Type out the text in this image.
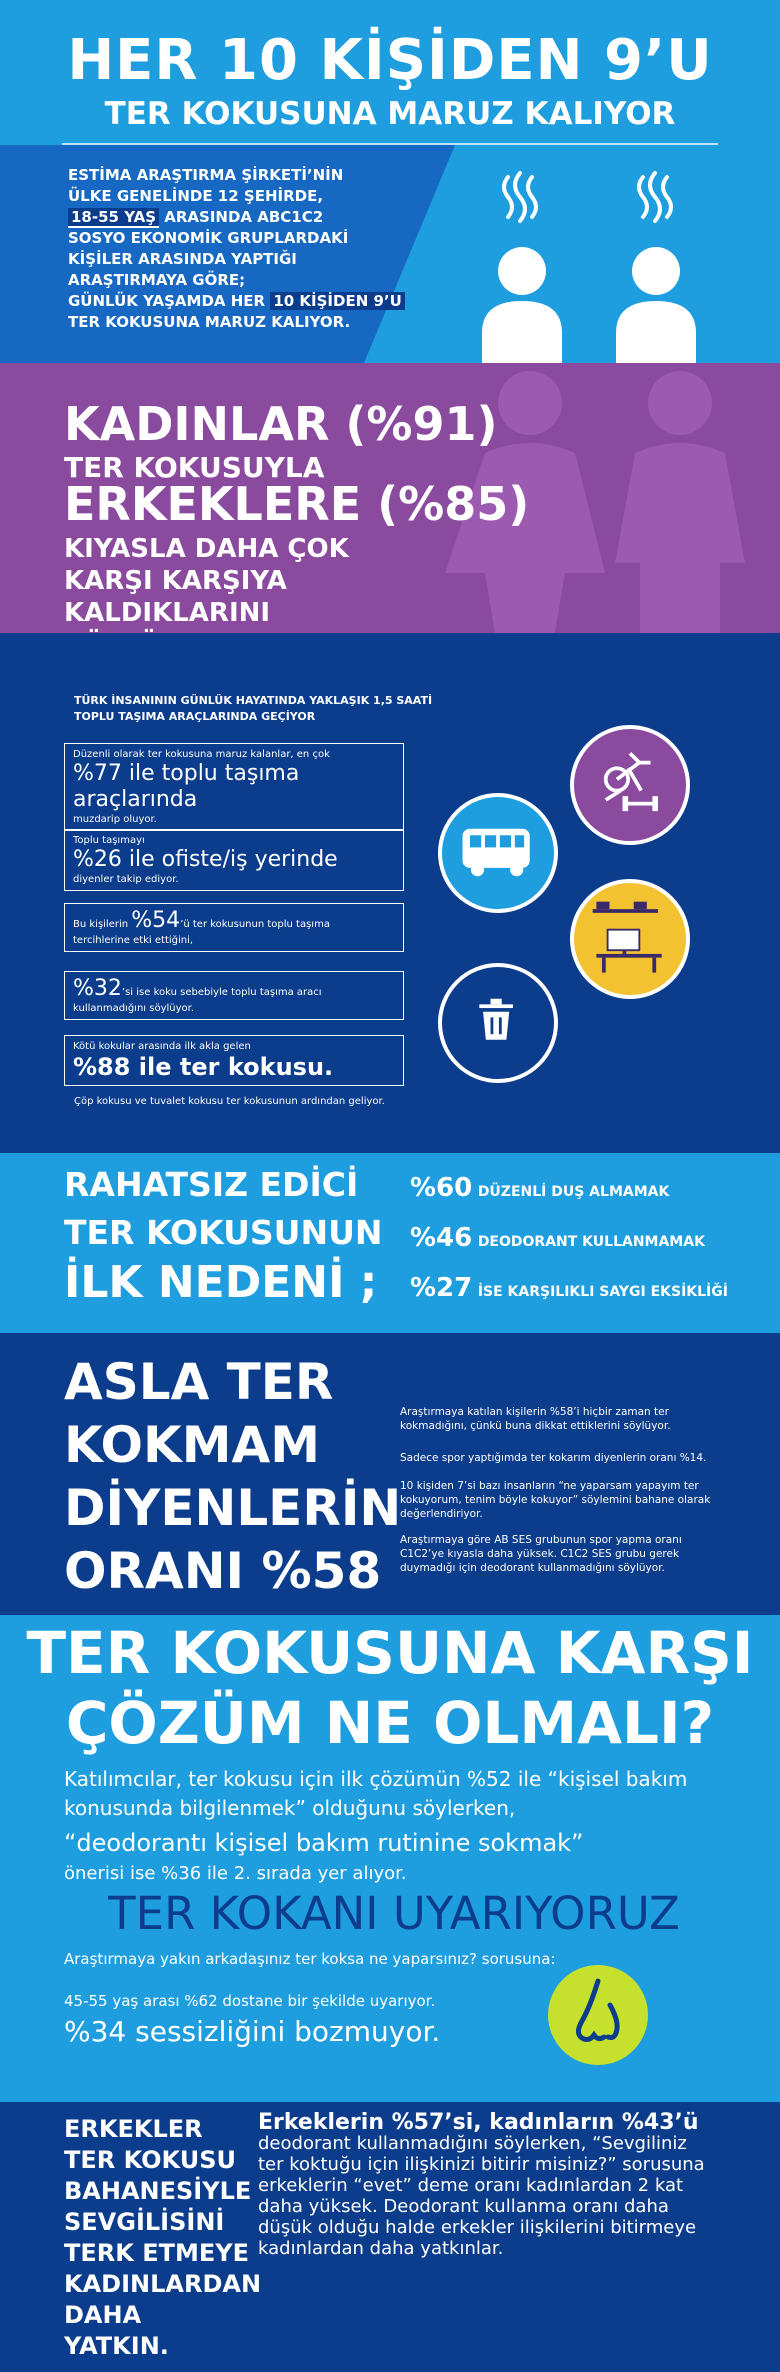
HER 10 KİŞİDEN 9’U
TER KOKUSUNA MARUZ KALIYOR
ESTİMA ARAŞTIRMA ŞİRKETİ’NİN
ÜLKE GENELİNDE 12 ŞEHİRDE,
18-55 YAŞ ARASINDA ABC1C2
SOSYO EKONOMİK GRUPLARDAKİ
KİŞİLER ARASINDA YAPTIĞI
ARAŞTIRMAYA GÖRE;
GÜNLÜK YAŞAMDA HER 10 KİŞİDEN 9’U
TER KOKUSUNA MARUZ KALIYOR.
KADINLAR (%91)
TER KOKUSUYLA
ERKEKLERE (%85)
KIYASLA DAHA ÇOK KARŞI KARŞIYA KALDIKLARINI
TÜRK İNSANININ GÜNLÜK HAYATINDA YAKLAŞIK 1,5 SAATİ TOPLU TAŞIMA ARAÇLARINDA GEÇİYOR
Düzenli olarak ter kokusuna maruz kalanlar, en çok
%77 ile toplu taşıma araçlarında
muzdarip oluyor.
Toplu taşımayı
%26 ile ofiste/iş yerinde
diyenler takip ediyor.
Bu kişilerin %54’ü ter kokusunun toplu taşıma
tercihlerine etki ettiğini,
%32’si ise koku sebebiyle toplu taşıma aracı
kullanmadığını söylüyor.
Kötü kokular arasında ilk akla gelen
%88 ile ter kokusu.
Çöp kokusu ve tuvalet kokusu ter kokusunun ardından geliyor.
RAHATSIZ EDİCİ
TER KOKUSUNUN
İLK NEDENİ ;
%60 DÜZENLİ DUŞ ALMAMAK
%46 DEODORANT KULLANMAMAK
%27 İSE KARŞILIKLI SAYGI EKSİKLİĞİ
ASLA TER
KOKMAM
DİYENLERİN
ORANI %58
Araştırmaya katılan kişilerin %58’i hiçbir zaman ter kokmadığını, çünkü buna dikkat ettiklerini söylüyor.
Sadece spor yaptığımda ter kokarım diyenlerin oranı %14.
10 kişiden 7’si bazı insanların “ne yaparsam yapayım ter kokuyorum, tenim böyle kokuyor” söylemini bahane olarak değerlendiriyor.
Araştırmaya göre AB SES grubunun spor yapma oranı C1C2’ye kıyasla daha yüksek. C1C2 SES grubu gerek duymadığı için deodorant kullanmadığını söylüyor.
TER KOKUSUNA KARŞI
ÇÖZÜM NE OLMALI?
Katılımcılar, ter kokusu için ilk çözümün %52 ile “kişisel bakım konusunda bilgilenmek” olduğunu söylerken,
“deodorantı kişisel bakım rutinine sokmak”
önerisi ise %36 ile 2. sırada yer alıyor.
TER KOKANI UYARIYORUZ
Araştırmaya yakın arkadaşınız ter koksa ne yaparsınız? sorusuna:
45-55 yaş arası %62 dostane bir şekilde uyarıyor.
%34 sessizliğini bozmuyor.
ERKEKLER
TER KOKUSU
BAHANESİYLE
SEVGİLİSİNİ
TERK ETMEYE
KADINLARDAN
DAHA YATKIN.
Erkeklerin %57’si, kadınların %43’ü
deodorant kullanmadığını söylerken, “Sevgiliniz ter koktuğu için ilişkinizi bitirir misiniz?” sorusuna erkeklerin “evet” deme oranı kadınlardan 2 kat daha yüksek. Deodorant kullanma oranı daha düşük olduğu halde erkekler ilişkilerini bitirmeye kadınlardan daha yatkınlar.
